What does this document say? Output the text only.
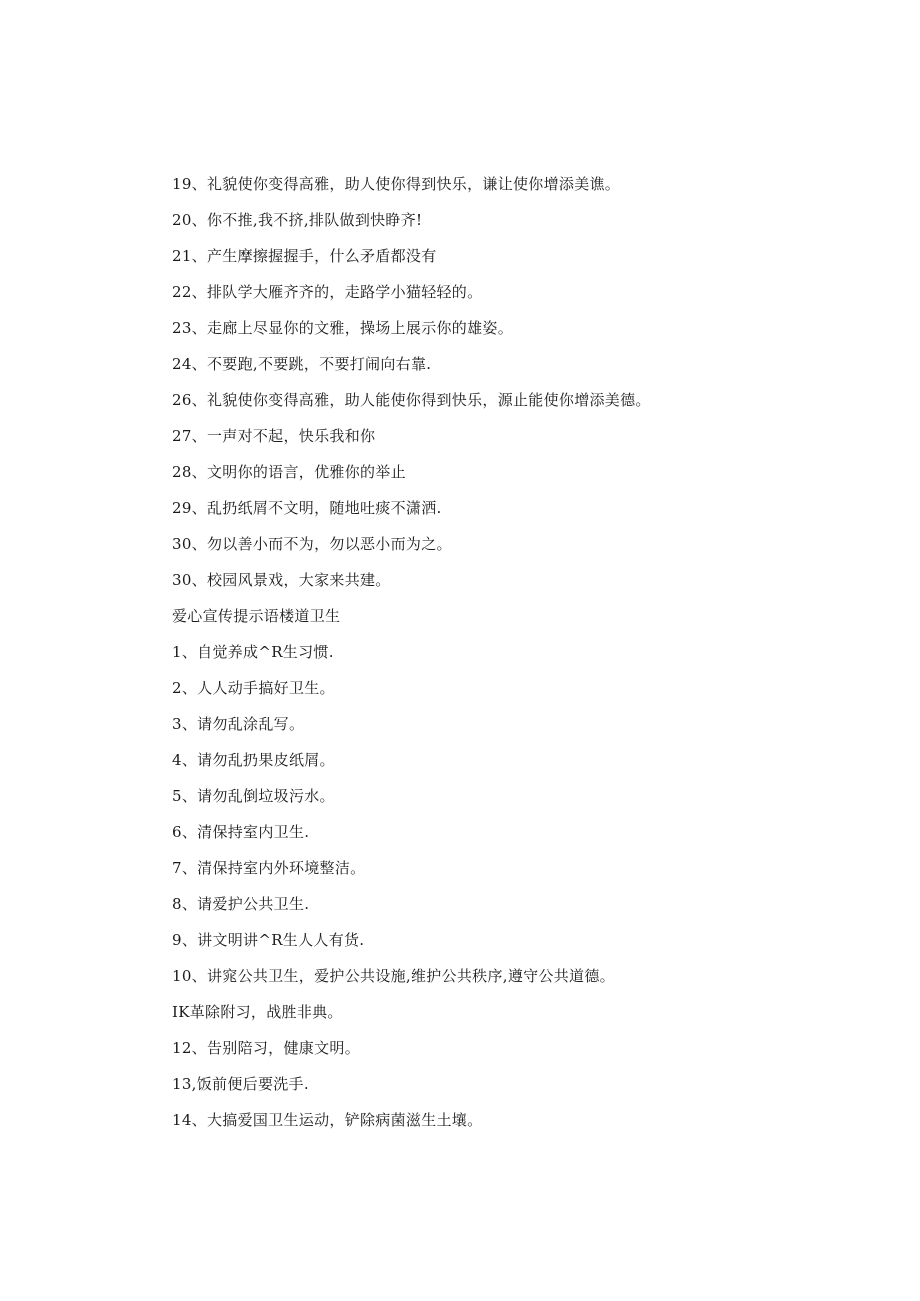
19、礼貌使你变得高雅，助人使你得到快乐，谦让使你增添美谯。
20、你不推,我不挤,排队做到快睁齐!
21、产生摩擦握握手，什么矛盾都没有
22、排队学大雁齐齐的，走路学小猫轻轻的。
23、走廊上尽显你的文雅，操场上展示你的雄姿。
24、不要跑,不要跳，不要打闹向右靠.
26、礼貌使你变得高雅，助人能使你得到快乐，源止能使你增添美德。
27、一声对不起，快乐我和你
28、文明你的语言，优雅你的举止
29、乱扔纸屑不文明，随地吐痰不潇洒.
30、勿以善小而不为，勿以恶小而为之。
30、校园风景戏，大家来共建。
爱心宣传提示语楼道卫生
1、自觉养成^R生习惯.
2、人人动手搞好卫生。
3、请勿乱涂乱写。
4、请勿乱扔果皮纸屑。
5、请勿乱倒垃圾污水。
6、清保持室内卫生.
7、清保持室内外环境整洁。
8、请爱护公共卫生.
9、讲文明讲^R生人人有货.
10、讲窕公共卫生，爱护公共设施,维护公共秩序,遵守公共道德。
IK革除附习，战胜非典。
12、告别陪习，健康文明。
13,饭前便后要洗手.
14、大搞爱国卫生运动，铲除病菌滋生土壤。
